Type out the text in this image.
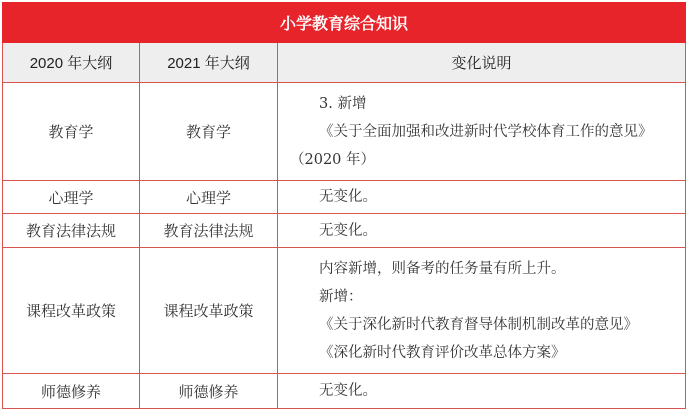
小学教育综合知识		
2020 年大纲	2021 年大纲	变化说明
教育学	教育学	3. 新增

《关于全面加强和改进新时代学校体育工作的意见》（2020 年）

心理学	心理学	无变化。

教育法律法规	教育法律法规	无变化。

课程改革政策	课程改革政策	内容新增，则备考的任务量有所上升。

新增：

《关于深化新时代教育督导体制机制改革的意见》

《深化新时代教育评价改革总体方案》

师德修养	师德修养	无变化。
